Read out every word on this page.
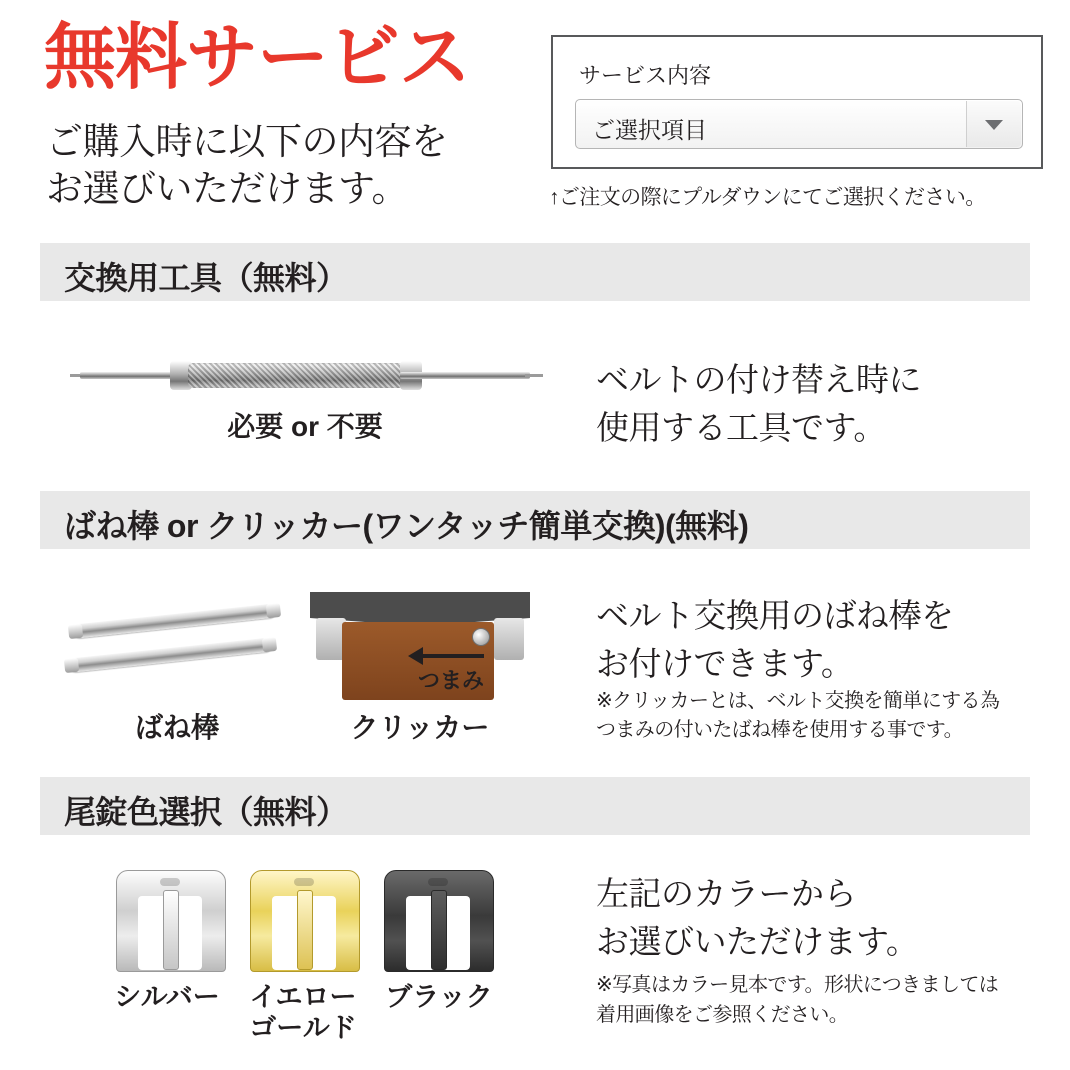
無料サービス
ご購入時に以下の内容を
お選びいただけます。
サービス内容
ご選択項目
↑ご注文の際にプルダウンにてご選択ください。
交換用工具（無料）
必要 or 不要
ベルトの付け替え時に
使用する工具です。
ばね棒 or クリッカー(ワンタッチ簡単交換)(無料)
つまみ
ばね棒	クリッカー
ベルト交換用のばね棒を
お付けできます。
※クリッカーとは、ベルト交換を簡単にする為
つまみの付いたばね棒を使用する事です。
尾錠色選択（無料）
シルバー	イエロー
ゴールド
ブラック
左記のカラーから
お選びいただけます。
※写真はカラー見本です。形状につきましては
着用画像をご参照ください。
